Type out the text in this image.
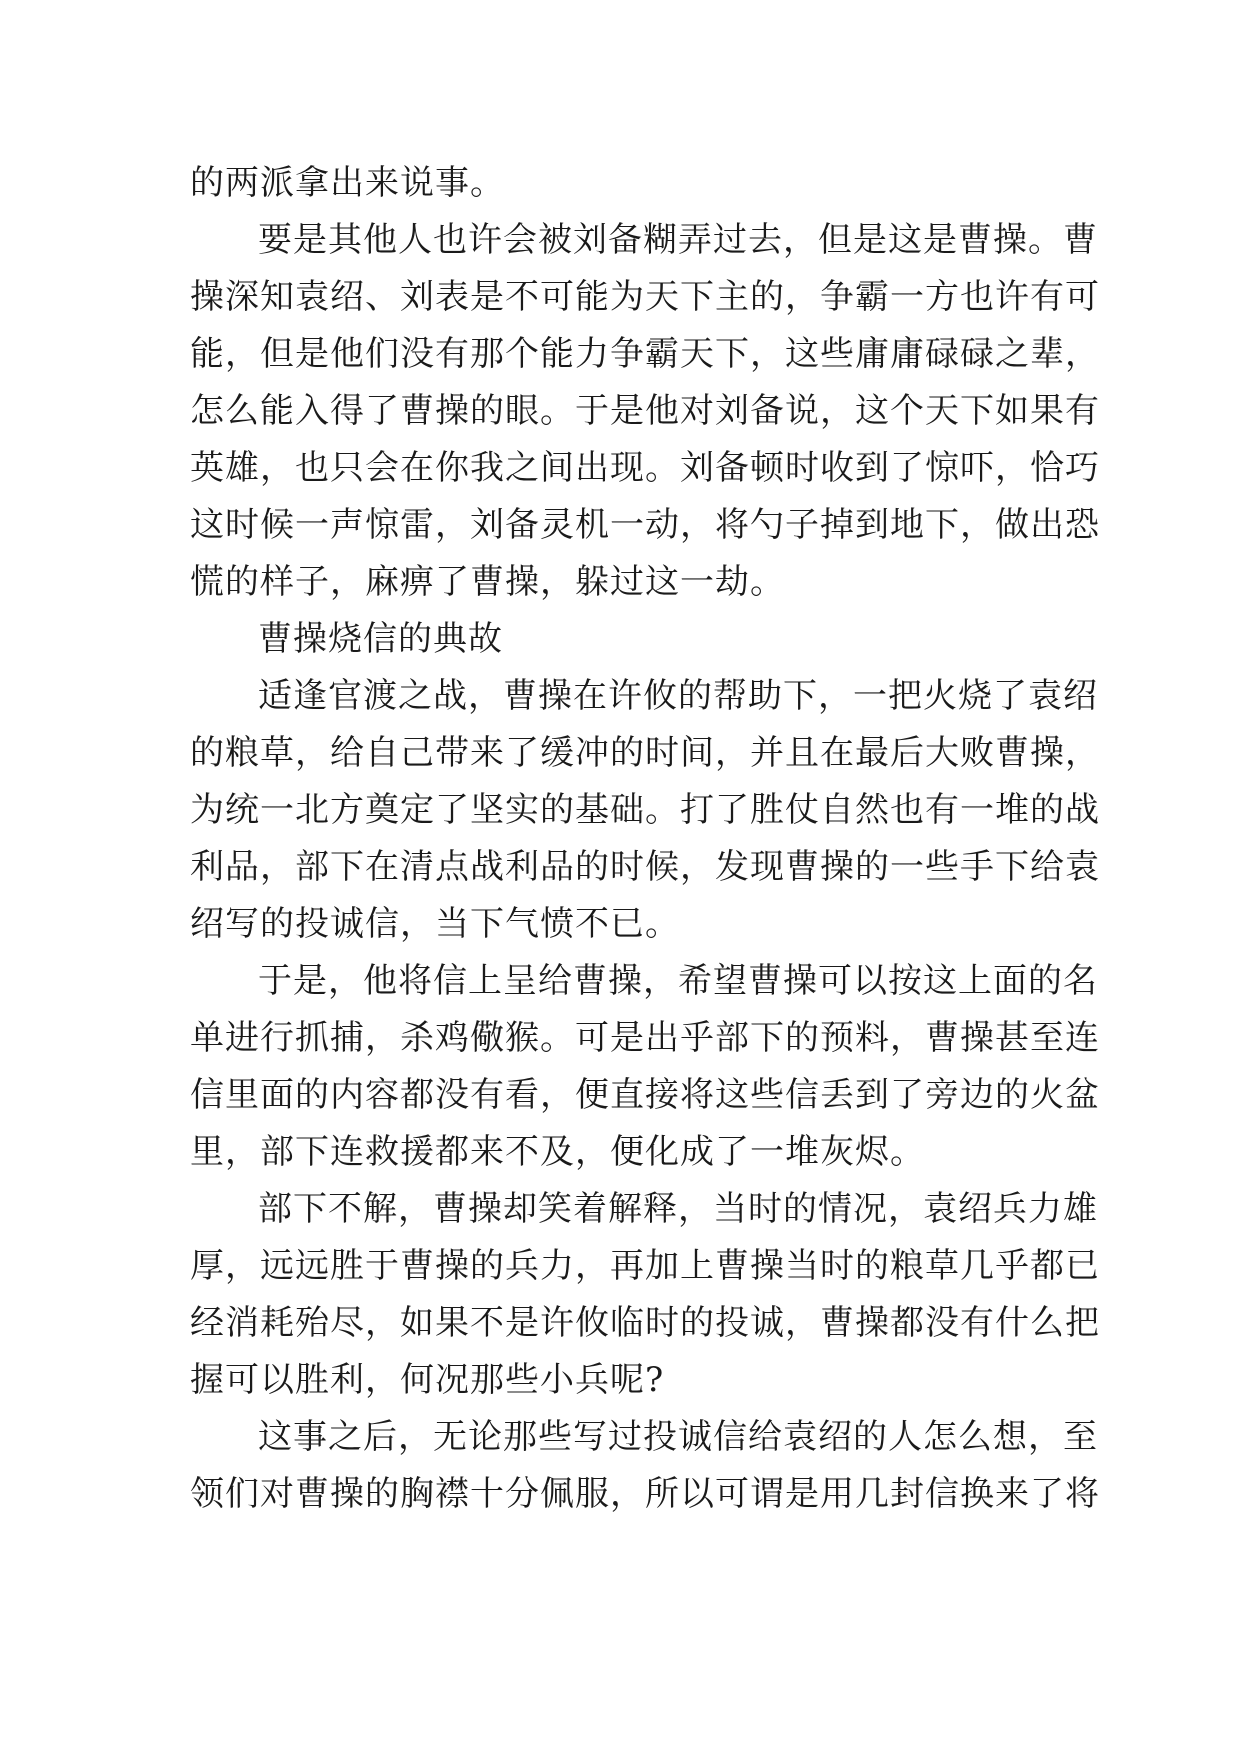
的两派拿出来说事。
要是其他人也许会被刘备糊弄过去，但是这是曹操。曹
操深知袁绍、刘表是不可能为天下主的，争霸一方也许有可
能，但是他们没有那个能力争霸天下，这些庸庸碌碌之辈，
怎么能入得了曹操的眼。于是他对刘备说，这个天下如果有
英雄，也只会在你我之间出现。刘备顿时收到了惊吓，恰巧
这时候一声惊雷，刘备灵机一动，将勺子掉到地下，做出恐
慌的样子，麻痹了曹操，躲过这一劫。
曹操烧信的典故
适逢官渡之战，曹操在许攸的帮助下，一把火烧了袁绍
的粮草，给自己带来了缓冲的时间，并且在最后大败曹操，
为统一北方奠定了坚实的基础。打了胜仗自然也有一堆的战
利品，部下在清点战利品的时候，发现曹操的一些手下给袁
绍写的投诚信，当下气愤不已。
于是，他将信上呈给曹操，希望曹操可以按这上面的名
单进行抓捕，杀鸡儆猴。可是出乎部下的预料，曹操甚至连
信里面的内容都没有看，便直接将这些信丢到了旁边的火盆
里，部下连救援都来不及，便化成了一堆灰烬。
部下不解，曹操却笑着解释，当时的情况，袁绍兵力雄
厚，远远胜于曹操的兵力，再加上曹操当时的粮草几乎都已
经消耗殆尽，如果不是许攸临时的投诚，曹操都没有什么把
握可以胜利，何况那些小兵呢?
这事之后，无论那些写过投诚信给袁绍的人怎么想，至
领们对曹操的胸襟十分佩服，所以可谓是用几封信换来了将
